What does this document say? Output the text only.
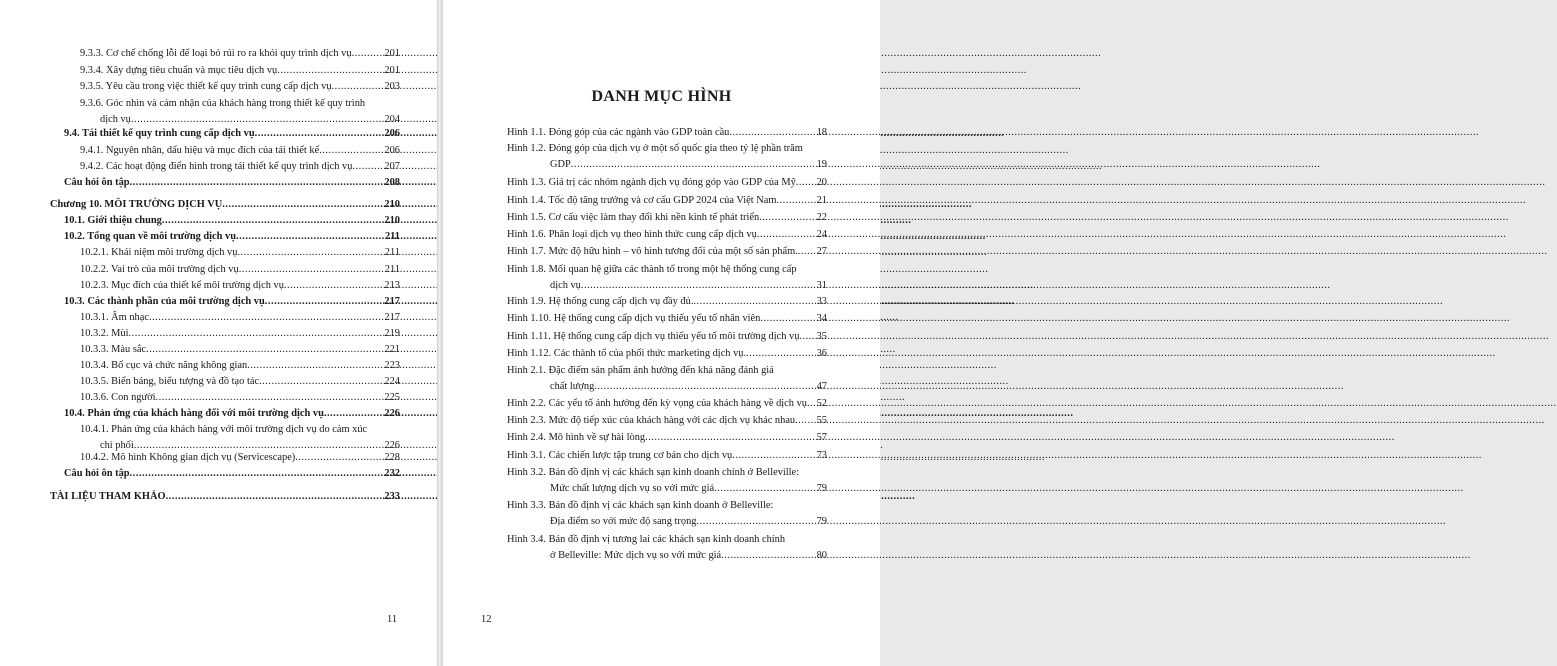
9.3.3. Cơ chế chống lỗi để loại bỏ rủi ro ra khỏi quy trình dịch vụ .....	201
9.3.4. Xây dựng tiêu chuẩn và mục tiêu dịch vụ .....	201
9.3.5. Yêu cầu trong việc thiết kế quy trình cung cấp dịch vụ .....	203
9.3.6. Góc nhìn và cảm nhận của khách hàng trong thiết kế quy trình
dịch vụ .....	204
9.4. Tái thiết kế quy trình cung cấp dịch vụ .....	206
9.4.1. Nguyên nhân, dấu hiệu và mục đích của tái thiết kế .....	206
9.4.2. Các hoạt động điển hình trong tái thiết kế quy trình dịch vụ .....	207
Câu hỏi ôn tập .....	208
Chương 10. MÔI TRƯỜNG DỊCH VỤ .....	210
10.1. Giới thiệu chung .....	210
10.2. Tổng quan về môi trường dịch vụ .....	211
10.2.1. Khái niệm môi trường dịch vụ .....	211
10.2.2. Vai trò của môi trường dịch vụ .....	211
10.2.3. Mục đích của thiết kế môi trường dịch vụ .....	213
10.3. Các thành phần của môi trường dịch vụ .....	217
10.3.1. Âm nhạc .....	217
10.3.2. Mùi .....	219
10.3.3. Màu sắc .....	221
10.3.4. Bố cục và chức năng không gian .....	223
10.3.5. Biển báng, biểu tượng và đồ tạo tác .....	224
10.3.6. Con người .....	225
10.4. Phản ứng của khách hàng đối với môi trường dịch vụ .....	226
10.4.1. Phản ứng của khách hàng với môi trường dịch vụ do cảm xúc
chi phối .....	226
10.4.2. Mô hình Không gian dịch vụ (Servicescape) .....	228
Câu hỏi ôn tập .....	232
TÀI LIỆU THAM KHẢO .....	233
11
DANH MỤC HÌNH
Hình 1.1. Đóng góp của các ngành vào GDP toàn cầu .....	18
Hình 1.2. Đóng góp của dịch vụ ở một số quốc gia theo tỷ lệ phần trăm
GDP .....	19
Hình 1.3. Giá trị các nhóm ngành dịch vụ đóng góp vào GDP của Mỹ ..... 20
Hình 1.4. Tốc độ tăng trưởng và cơ cấu GDP 2024 của Việt Nam .....	21
Hình 1.5. Cơ cấu việc làm thay đổi khi nền kinh tế phát triển .....	22
Hình 1.6. Phân loại dịch vụ theo hình thức cung cấp dịch vụ .....	24
Hình 1.7. Mức độ hữu hình – vô hình tương đối của một số sản phẩm. ..... 27
Hình 1.8. Mối quan hệ giữa các thành tố trong một hệ thống cung cấp
dịch vụ .....	31
Hình 1.9. Hệ thống cung cấp dịch vụ đầy đủ. .....	33
Hình 1.10. Hệ thống cung cấp dịch vụ thiếu yếu tố nhân viên .....	34
Hình 1.11. Hệ thống cung cấp dịch vụ thiếu yếu tố môi trường dịch vụ ..... 35
Hình 1.12. Các thành tố của phối thức marketing dịch vụ. .....	36
Hình 2.1. Đặc điểm sản phẩm ảnh hưởng đến khả năng đánh giá
chất lượng .....	47
Hình 2.2. Các yếu tố ảnh hưởng đến kỳ vọng của khách hàng về dịch vụ ..... 52
Hình 2.3. Mức độ tiếp xúc của khách hàng với các dịch vụ khác nhau ..... 55
Hình 2.4. Mô hình về sự hài lòng .....	57
Hình 3.1. Các chiến lược tập trung cơ bản cho dịch vụ .....	73
Hình 3.2. Bản đồ định vị các khách sạn kinh doanh chính ở Belleville:
Mức chất lượng dịch vụ so với mức giá .....	79
Hình 3.3. Bản đồ định vị các khách sạn kinh doanh ở Belleville:
Địa điểm so với mức độ sang trọng .....	79
Hình 3.4. Bản đồ định vị tương lai các khách sạn kinh doanh chính
ở Belleville: Mức dịch vụ so với mức giá .....	80
12
